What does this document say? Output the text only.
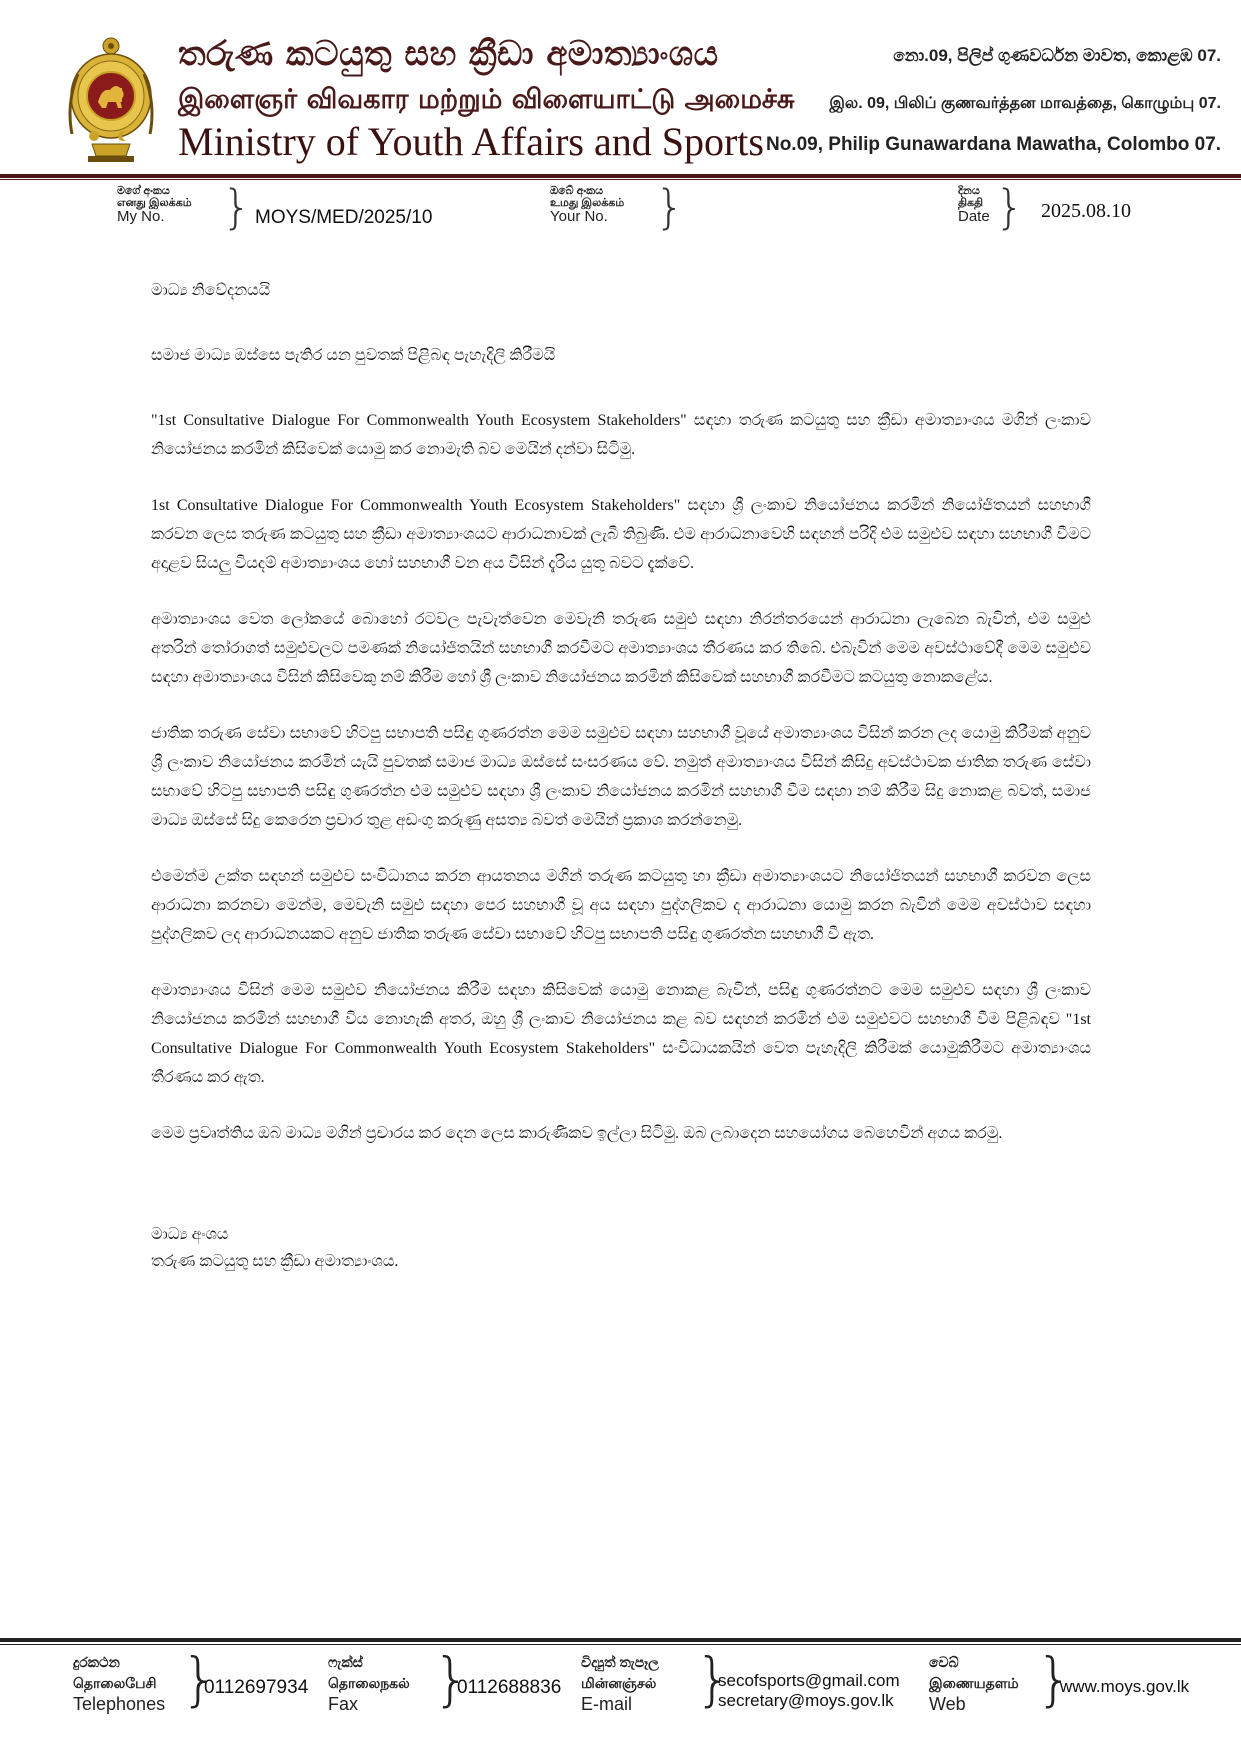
තරුණ කටයුතු සහ ක්‍රීඩා අමාත්‍යාංශය
இளைஞர் விவகார மற்றும் விளையாட்டு அமைச்சு
Ministry of Youth Affairs and Sports
නො.09, පිලිප් ගුණවර්ධන මාවත, කොළඹ 07.
இல. 09, பிலிப் குணவர்த்தன மாவத்தை, கொழும்பு 07.
No.09, Philip Gunawardana Mawatha, Colombo 07.
මගේ අංකය
எனது இலக்கம்
My No.	} MOYS/MED/2025/10
ඔබේ අංකය
உமது இலக்கம்
Your No.	}	දිනය
திகதி
Date } 2025.08.10

මාධ්‍ය නිවේදනයයි

සමාජ මාධ්‍ය ඔස්සෙ පැතිර යන පුවතක් පිළිබඳ පැහැදිලි කිරීමයි

"1st Consultative Dialogue For Commonwealth Youth Ecosystem Stakeholders" සඳහා තරුණ කටයුතු සහ ක්‍රීඩා අමාත්‍යාංශය මගින් ලංකාව නියෝජනය කරමින් කිසිවෙක් යොමු කර නොමැති බව මෙයින් දන්වා සිටිමු.

1st Consultative Dialogue For Commonwealth Youth Ecosystem Stakeholders" සඳහා ශ්‍රී ලංකාව නියෝජනය කරමින් නියෝජිතයන් සහභාගී කරවන ලෙස තරුණ කටයුතු සහ ක්‍රීඩා අමාත්‍යාංශයට ආරාධනාවක් ලැබී තිබුණි. එම ආරාධනාවෙහි සඳහන් පරිදි එම සමුළුව සඳහා සහභාගී වීමට අදාළව සියලු වියදම් අමාත්‍යාංශය හෝ සහභාගී වන අය විසින් දැරිය යුතු බවට දැක්වේ.

අමාත්‍යාංශය වෙත ලෝකයේ බොහෝ රටවල පැවැත්වෙන මෙවැනි තරුණ සමුළු සඳහා නිරන්තරයෙන් ආරාධනා ලැබෙන බැවින්, එම සමුළු අතරින් තෝරාගත් සමුළුවලට පමණක් නියෝජිතයින් සහභාගී කරවීමට අමාත්‍යාංශය තීරණය කර තිබේ. එබැවින් මෙම අවස්ථාවේදී මෙම සමුළුව සඳහා අමාත්‍යාංශය විසින් කිසිවෙකු නම් කිරීම හෝ ශ්‍රී ලංකාව නියෝජනය කරමින් කිසිවෙක් සහභාගී කරවීමට කටයුතු නොකළේය.

ජාතික තරුණ සේවා සභාවේ හිටපු සභාපති පසිඳු ගුණරත්න මෙම සමුළුව සඳහා සහභාගී වූයේ අමාත්‍යාංශය විසින් කරන ලද යොමු කිරීමක් අනුව ශ්‍රී ලංකාව නියෝජනය කරමින් යැයි පුවතක් සමාජ මාධ්‍ය ඔස්සේ සංසරණය වේ. නමුත් අමාත්‍යාංශය විසින් කිසිදු අවස්ථාවක ජාතික තරුණ සේවා සභාවේ හිටපු සභාපති පසිඳු ගුණරත්න එම සමුළුව සඳහා ශ්‍රී ලංකාව නියෝජනය කරමින් සහභාගී වීම සඳහා නම් කිරීම සිදු නොකළ බවත්, සමාජ මාධ්‍ය ඔස්සේ සිදු කෙරෙන ප්‍රචාර තුළ අඩංගු කරුණු අසත්‍ය බවත් මෙයින් ප්‍රකාශ කරන්නෙමු.

එමෙන්ම උක්ත සඳහන් සමුළුව සංවිධානය කරන ආයතනය මගින් තරුණ කටයුතු හා ක්‍රීඩා අමාත්‍යාංශයට නියෝජිතයන් සහභාගී කරවන ලෙස ආරාධනා කරනවා මෙන්ම, මෙවැනි සමුළු සඳහා පෙර සහභාගී වූ අය සඳහා පුද්ගලිකව ද ආරාධනා යොමු කරන බැවින් මෙම අවස්ථාව සඳහා පුද්ගලිකව ලද ආරාධනයකට අනුව ජාතික තරුණ සේවා සභාවේ හිටපු සභාපති පසිඳු ගුණරත්න සහභාගී වී ඇත.

අමාත්‍යාංශය විසින් මෙම සමුළුව නියෝජනය කිරීම සඳහා කිසිවෙක් යොමු නොකළ බැවින්, පසිඳු ගුණරත්නට මෙම සමුළුව සඳහා ශ්‍රී ලංකාව නියෝජනය කරමින් සහභාගී විය නොහැකි අතර, ඔහු ශ්‍රී ලංකාව නියෝජනය කළ බව සඳහන් කරමින් එම සමුළුවට සහභාගී වීම පිළිබඳව "1st Consultative Dialogue For Commonwealth Youth Ecosystem Stakeholders" සංවිධායකයින් වෙත පැහැදිලි කිරීමක් යොමුකිරීමට අමාත්‍යාංශය තීරණය කර ඇත.

මෙම ප්‍රවෘත්තිය ඔබ මාධ්‍ය මගින් ප්‍රචාරය කර දෙන ලෙස කාරුණිකව ඉල්ලා සිටිමු. ඔබ ලබාදෙන සහයෝගය බෙහෙවින් අගය කරමු.

මාධ්‍ය අංශය

තරුණ කටයුතු සහ ක්‍රීඩා අමාත්‍යාංශය.

දුරකථන
தொலைபேசி
Telephones }
0112697934
ෆැක්ස්
தொலைநகல்
Fax	}
0112688836
විද්‍යුත් තැපෑල
மின்னஞ்சல்
E-mail	}
secofsports@gmail.com
secretary@moys.gov.lk
වෙබ්
இணையதளம்
Web	}
www.moys.gov.lk
